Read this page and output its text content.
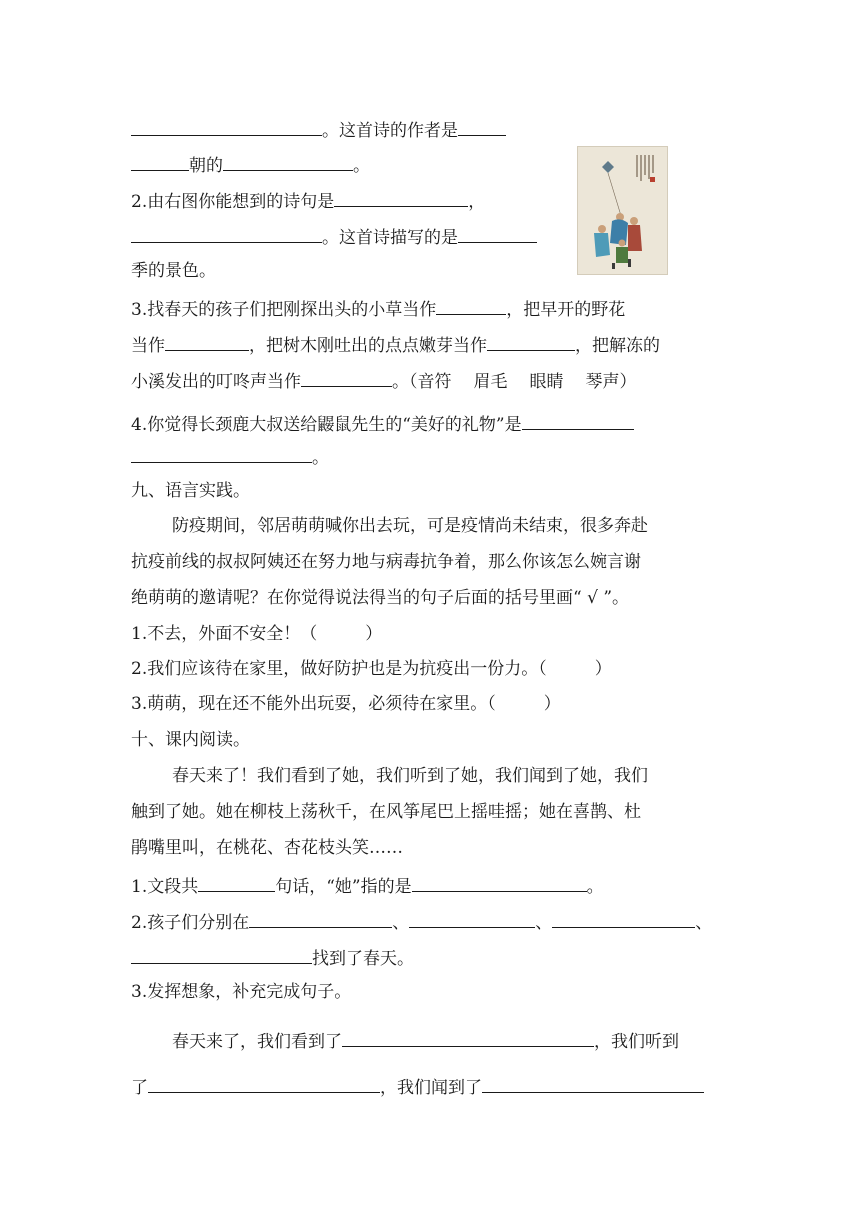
。这首诗的作者是
朝的	。
2.由右图你能想到的诗句是	，
。这首诗描写的是
季的景色。
3.找春天的孩子们把刚探出头的小草当作	，把早开的野花
当作	，把树木刚吐出的点点嫩芽当作	，把解冻的
小溪发出的叮咚声当作	。（音符 眉毛 眼睛 琴声）
4.你觉得长颈鹿大叔送给鼹鼠先生的“美好的礼物”是
。
九、语言实践。
防疫期间，邻居萌萌喊你出去玩，可是疫情尚未结束，很多奔赴
抗疫前线的叔叔阿姨还在努力地与病毒抗争着，那么你该怎么婉言谢
绝萌萌的邀请呢？在你觉得说法得当的句子后面的括号里画“ √ ”。
1.不去，外面不安全！（	）
2.我们应该待在家里，做好防护也是为抗疫出一份力。（	）
3.萌萌，现在还不能外出玩耍，必须待在家里。（	）
十、课内阅读。
春天来了！我们看到了她，我们听到了她，我们闻到了她，我们
触到了她。她在柳枝上荡秋千，在风筝尾巴上摇哇摇；她在喜鹊、杜
鹃嘴里叫，在桃花、杏花枝头笑……
1.文段共	句话，“她”指的是	。
2.孩子们分别在	、	、	、
找到了春天。
3.发挥想象，补充完成句子。
春天来了，我们看到了	，我们听到
了	，我们闻到了
